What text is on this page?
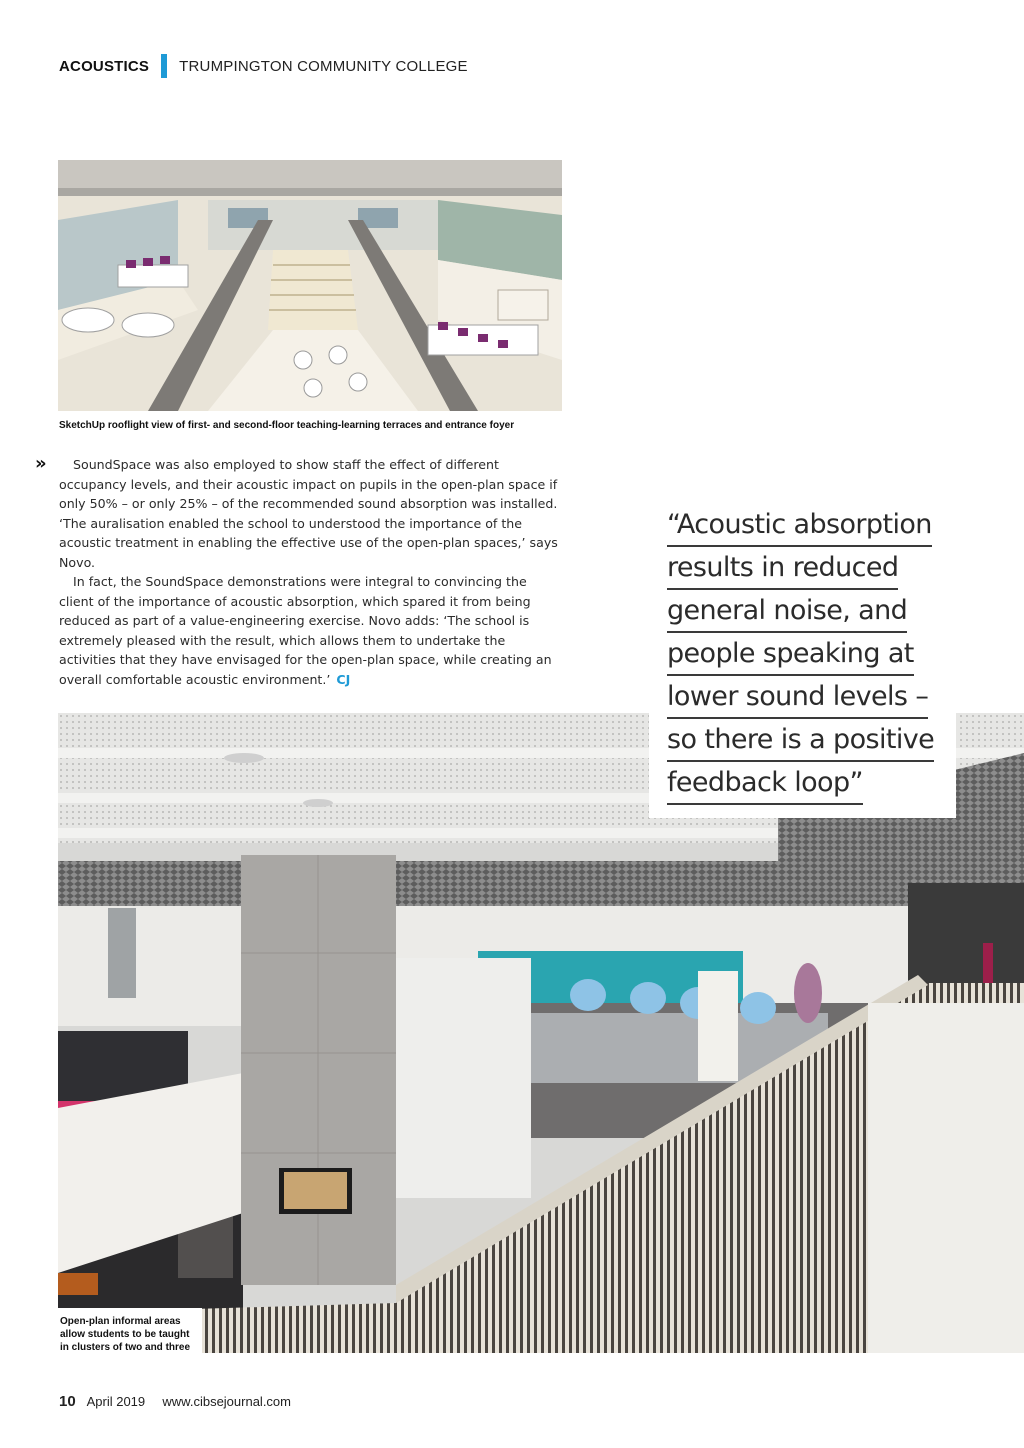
ACOUSTICS TRUMPINGTON COMMUNITY COLLEGE
SketchUp rooflight view of first- and second-floor teaching-learning terraces and entrance foyer

» SoundSpace was also employed to show staff the effect of different occupancy levels, and their acoustic impact on pupils in the open-plan space if only 50% – or only 25% – of the recommended sound absorption was installed. ‘The auralisation enabled the school to understood the importance of the acoustic treatment in enabling the effective use of the open-plan spaces,’ says Novo.

In fact, the SoundSpace demonstrations were integral to convincing the client of the importance of acoustic absorption, which spared it from being reduced as part of a value-engineering exercise. Novo adds: ‘The school is extremely pleased with the result, which allows them to undertake the activities that they have envisaged for the open-plan space, while creating an overall comfortable acoustic environment.’ CJ

Open-plan informal areas
allow students to be taught
in clusters of two and three
“Acoustic absorption
results in reduced
general noise, and
people speaking at
lower sound levels –
so there is a positive
feedback loop”
10 April 2019 www.cibsejournal.com
